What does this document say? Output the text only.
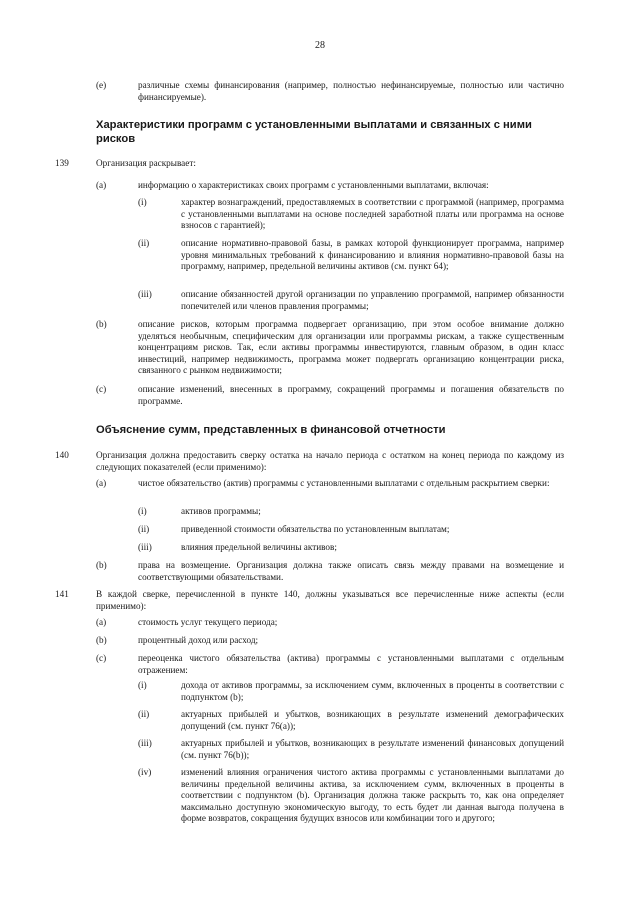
28
(e)	различные схемы финансирования (например, полностью нефинансируемые, полностью или частично финансируемые).
Характеристики программ с установленными выплатами и связанных с ними рисков
139	Организация раскрывает:
(a)	информацию о характеристиках своих программ с установленными выплатами, включая:
(i)	характер вознаграждений, предоставляемых в соответствии с программой (например, программа с установленными выплатами на основе последней заработной платы или программа на основе взносов с гарантией);
(ii)	описание нормативно-правовой базы, в рамках которой функционирует программа, например уровня минимальных требований к финансированию и влияния нормативно-правовой базы на программу, например, предельной величины активов (см. пункт 64);
(iii)	описание обязанностей другой организации по управлению программой, например обязанности попечителей или членов правления программы;
(b)	описание рисков, которым программа подвергает организацию, при этом особое внимание должно уделяться необычным, специфическим для организации или программы рискам, а также существенным концентрациям рисков. Так, если активы программы инвестируются, главным образом, в один класс инвестиций, например недвижимость, программа может подвергать организацию концентрации риска, связанного с рынком недвижимости;
(c)	описание изменений, внесенных в программу, сокращений программы и погашения обязательств по программе.
Объяснение сумм, представленных в финансовой отчетности
140	Организация должна предоставить сверку остатка на начало периода с остатком на конец периода по каждому из следующих показателей (если применимо):
(a)	чистое обязательство (актив) программы с установленными выплатами с отдельным раскрытием сверки:
(i)	активов программы;
(ii)	приведенной стоимости обязательства по установленным выплатам;
(iii)	влияния предельной величины активов;
(b)	права на возмещение. Организация должна также описать связь между правами на возмещение и соответствующими обязательствами.
141	В каждой сверке, перечисленной в пункте 140, должны указываться все перечисленные ниже аспекты (если применимо):
(a)	стоимость услуг текущего периода;
(b)	процентный доход или расход;
(c)	переоценка чистого обязательства (актива) программы с установленными выплатами с отдельным отражением:
(i)	дохода от активов программы, за исключением сумм, включенных в проценты в соответствии с подпунктом (b);
(ii)	актуарных прибылей и убытков, возникающих в результате изменений демографических допущений (см. пункт 76(a));
(iii)	актуарных прибылей и убытков, возникающих в результате изменений финансовых допущений (см. пункт 76(b));
(iv)	изменений влияния ограничения чистого актива программы с установленными выплатами до величины предельной величины актива, за исключением сумм, включенных в проценты в соответствии с подпунктом (b). Организация должна также раскрыть то, как она определяет максимально доступную экономическую выгоду, то есть будет ли данная выгода получена в форме возвратов, сокращения будущих взносов или комбинации того и другого;
